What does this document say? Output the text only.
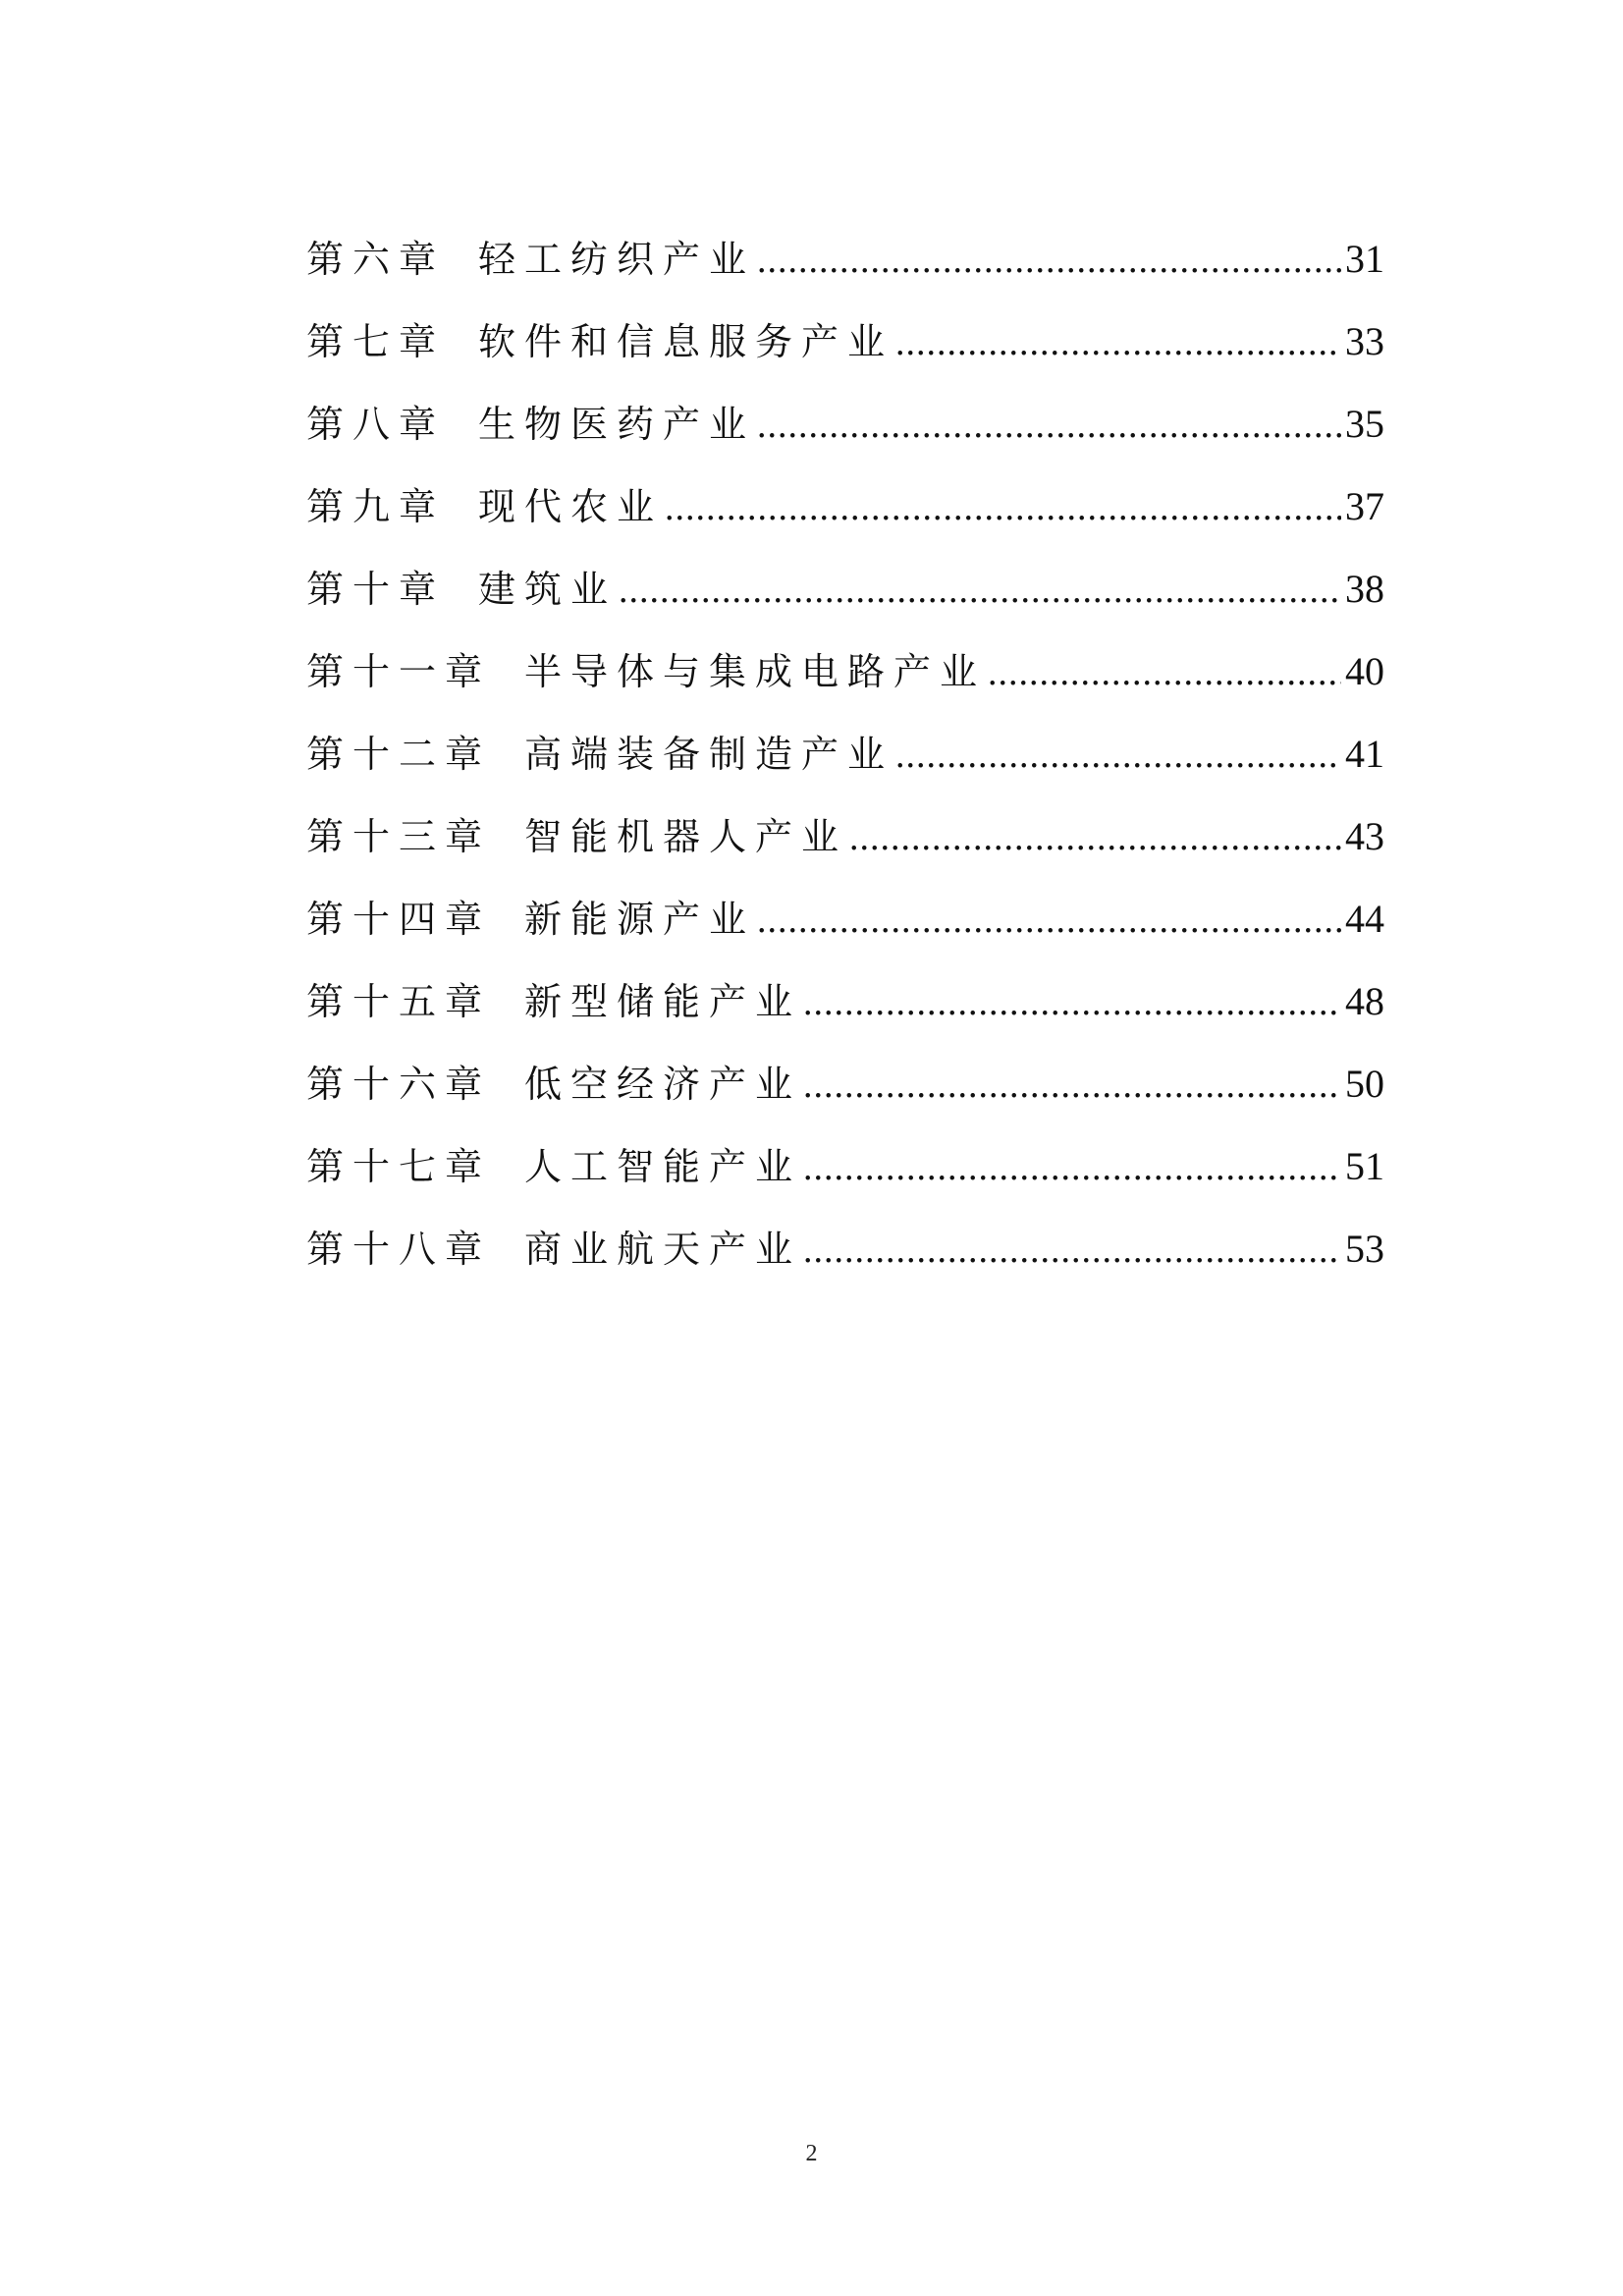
第六章 轻工纺织产业 .....	31
第七章 软件和信息服务产业 .....	33
第八章 生物医药产业 .....	35
第九章 现代农业 .....	37
第十章 建筑业 .....	38
第十一章 半导体与集成电路产业 .....	40
第十二章 高端装备制造产业 .....	41
第十三章 智能机器人产业 .....	43
第十四章 新能源产业 .....	44
第十五章 新型储能产业 .....	48
第十六章 低空经济产业 .....	50
第十七章 人工智能产业 .....	51
第十八章 商业航天产业 .....	53
2
